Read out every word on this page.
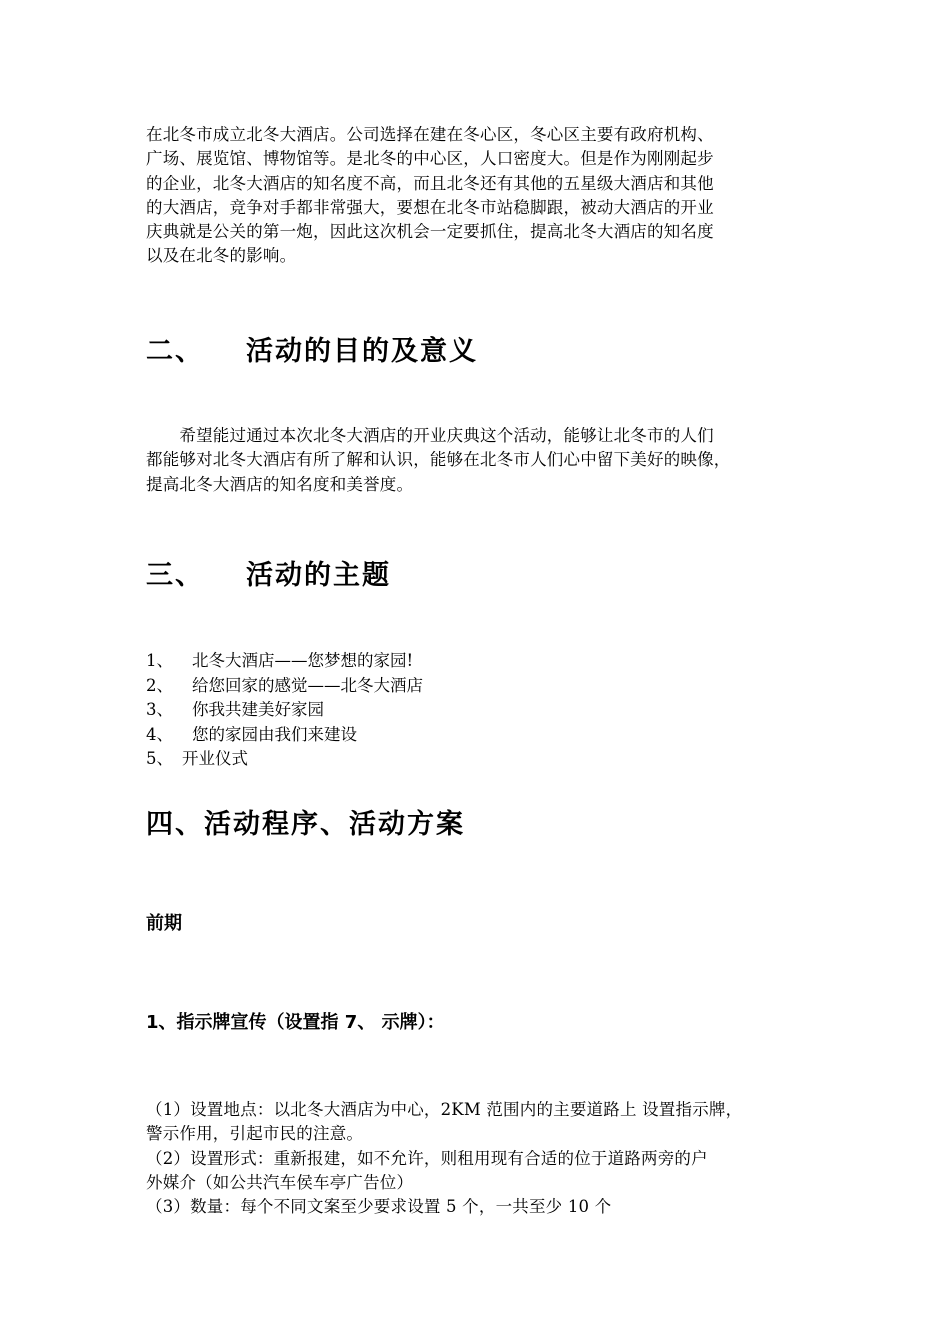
在北冬市成立北冬大酒店。公司选择在建在冬心区，冬心区主要有政府机构、
广场、展览馆、博物馆等。是北冬的中心区，人口密度大。但是作为刚刚起步
的企业，北冬大酒店的知名度不高，而且北冬还有其他的五星级大酒店和其他
的大酒店，竞争对手都非常强大，要想在北冬市站稳脚跟，被动大酒店的开业
庆典就是公关的第一炮，因此这次机会一定要抓住，提高北冬大酒店的知名度
以及在北冬的影响。
二、 活动的目的及意义
　　希望能过通过本次北冬大酒店的开业庆典这个活动，能够让北冬市的人们
都能够对北冬大酒店有所了解和认识，能够在北冬市人们心中留下美好的映像，
提高北冬大酒店的知名度和美誉度。
三、 活动的主题
1、	北冬大酒店——您梦想的家园!
2、	给您回家的感觉——北冬大酒店
3、	你我共建美好家园
4、	您的家园由我们来建设
5、 开业仪式
四、活动程序、活动方案
前期
1、指示牌宣传（设置指 7、 示牌）：
（1）设置地点：以北冬大酒店为中心，2KM 范围内的主要道路上 设置指示牌，
警示作用，引起市民的注意。
（2）设置形式：重新报建，如不允许，则租用现有合适的位于道路两旁的户
外媒介（如公共汽车侯车亭广告位）
（3）数量：每个不同文案至少要求设置 5 个，一共至少 10 个
